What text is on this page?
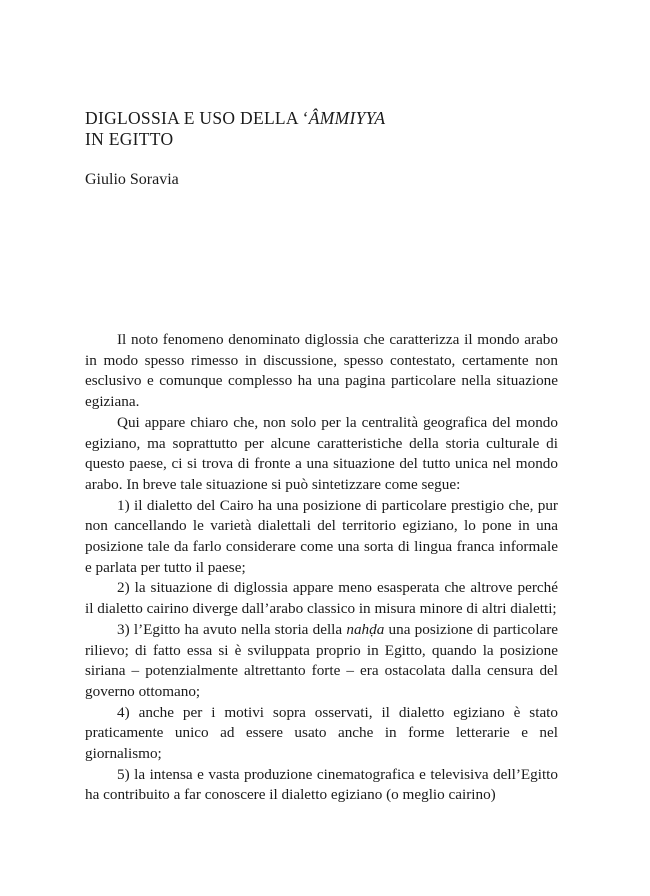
DIGLOSSIA E USO DELLA ‘ÂMMIYYA
IN EGITTO
Giulio Soravia

Il noto fenomeno denominato diglossia che caratterizza il mondo arabo in modo spesso rimesso in discussione, spesso contestato, certamente non esclusivo e comunque complesso ha una pagina particolare nella situazione egiziana.

Qui appare chiaro che, non solo per la centralità geografica del mondo egiziano, ma soprattutto per alcune caratteristiche della storia culturale di questo paese, ci si trova di fronte a una situazione del tutto unica nel mondo arabo. In breve tale situazione si può sintetizzare come segue:

1) il dialetto del Cairo ha una posizione di particolare prestigio che, pur non cancellando le varietà dialettali del territorio egiziano, lo pone in una posizione tale da farlo considerare come una sorta di lingua franca informale e parlata per tutto il paese;

2) la situazione di diglossia appare meno esasperata che altrove perché il dialetto cairino diverge dall’arabo classico in misura minore di altri dialetti;

3) l’Egitto ha avuto nella storia della nahḍa una posizione di particolare rilievo; di fatto essa si è sviluppata proprio in Egitto, quando la posizione siriana – potenzialmente altrettanto forte – era ostacolata dalla censura del governo ottomano;

4) anche per i motivi sopra osservati, il dialetto egiziano è stato praticamente unico ad essere usato anche in forme letterarie e nel giornalismo;

5) la intensa e vasta produzione cinematografica e televisiva dell’Egitto ha contribuito a far conoscere il dialetto egiziano (o meglio cairino)
